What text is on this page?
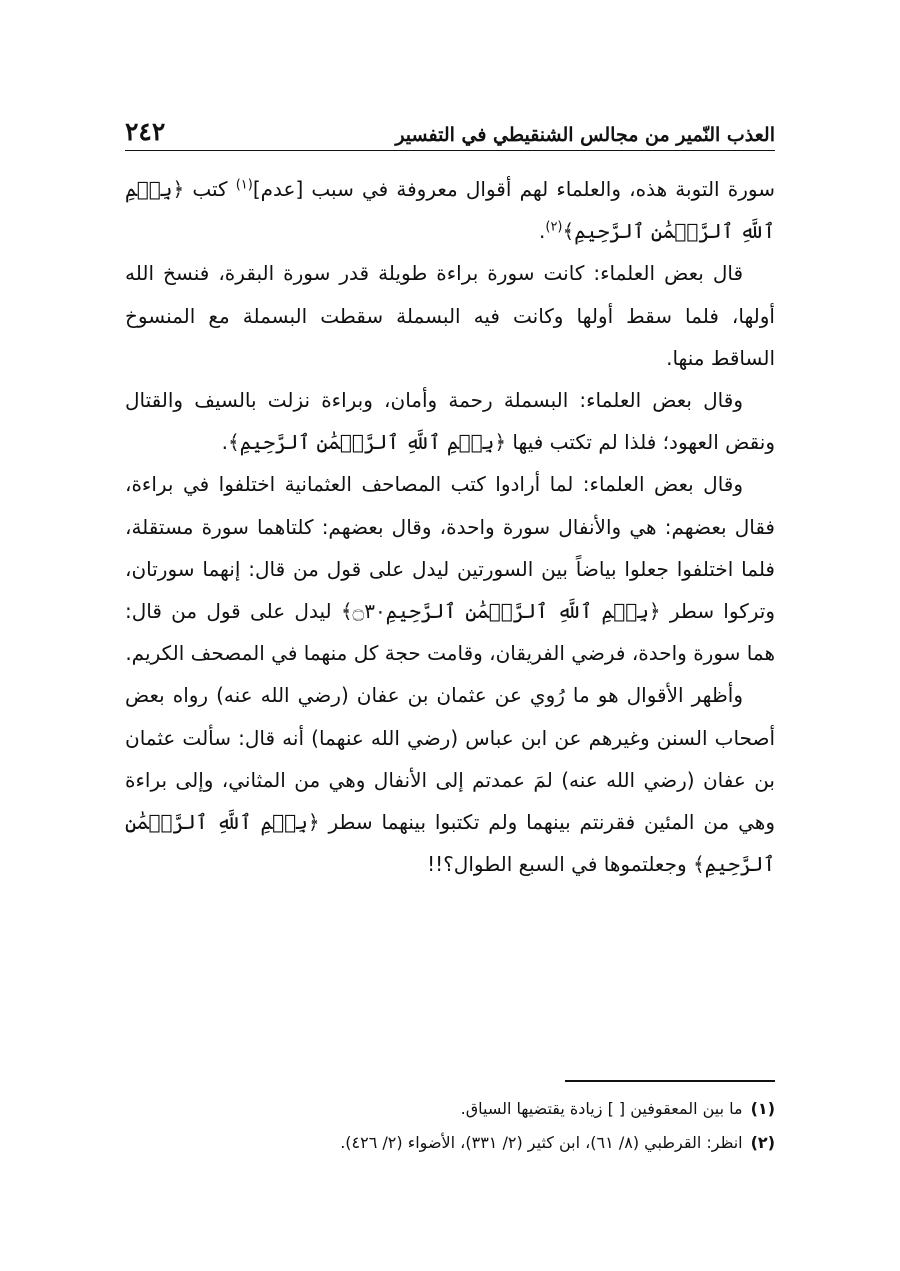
العذب النّمير من مجالس الشنقيطي في التفسير
٢٤٢

سورة التوبة هذه، والعلماء لهم أقوال معروفة في سبب [عدم]$^{(١)}$ كتب ﴿بِسۡمِ ٱللَّهِ ٱلرَّحۡمَٰنِ ٱلرَّحِيمِ﴾$^{(٢)}$.

قال بعض العلماء: كانت سورة براءة طويلة قدر سورة البقرة، فنسخ الله أولها، فلما سقط أولها وكانت فيه البسملة سقطت البسملة مع المنسوخ الساقط منها.

وقال بعض العلماء: البسملة رحمة وأمان، وبراءة نزلت بالسيف والقتال ونقض العهود؛ فلذا لم تكتب فيها ﴿بِسۡمِ ٱللَّهِ ٱلرَّحۡمَٰنِ ٱلرَّحِيمِ﴾.

وقال بعض العلماء: لما أرادوا كتب المصاحف العثمانية اختلفوا في براءة، فقال بعضهم: هي والأنفال سورة واحدة، وقال بعضهم: كلتاهما سورة مستقلة، فلما اختلفوا جعلوا بياضاً بين السورتين ليدل على قول من قال: إنهما سورتان، وتركوا سطر ﴿بِسۡمِ ٱللَّهِ ٱلرَّحۡمَٰنِ ٱلرَّحِيمِ۝٣٠﴾ ليدل على قول من قال: هما سورة واحدة، فرضي الفريقان، وقامت حجة كل منهما في المصحف الكريم.

وأظهر الأقوال هو ما رُوي عن عثمان بن عفان (رضي الله عنه) رواه بعض أصحاب السنن وغيرهم عن ابن عباس (رضي الله عنهما) أنه قال: سألت عثمان بن عفان (رضي الله عنه) لمَ عمدتم إلى الأنفال وهي من المثاني، وإلى براءة وهي من المئين فقرنتم بينهما ولم تكتبوا بينهما سطر ﴿بِسۡمِ ٱللَّهِ ٱلرَّحۡمَٰنِ ٱلرَّحِيمِ﴾ وجعلتموها في السبع الطوال؟!!

(١)ما بين المعقوفين [ ] زيادة يقتضيها السياق.
(٢)انظر: القرطبي (٨/ ٦١)، ابن كثير (٢/ ٣٣١)، الأضواء (٢/ ٤٢٦).
